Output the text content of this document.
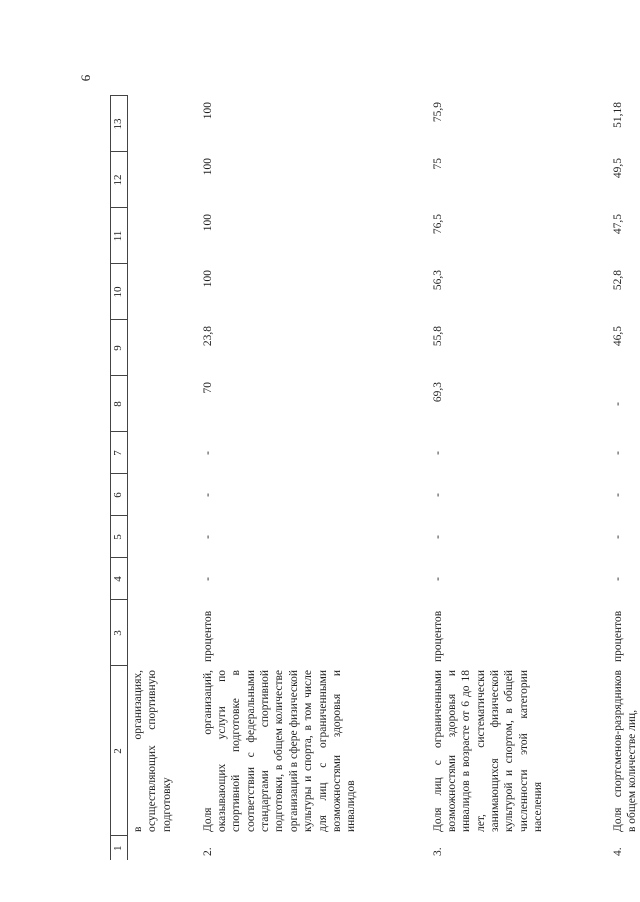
9
1	2	3	4	5	6	7	8	9	10	11	12	13
	в организациях, осуществляющих спортивную подготовку											
2.	Доля организаций, оказывающих услуги по спортивной подготовке в соответствии с федеральными стандартами спортивной подготовки, в общем количестве организаций в сфере физической культуры и спорта, в том числе для лиц с ограниченными возможностями здоровья и инвалидов	процентов	-	-	-	-	70	23,8	100	100	100	100
3.	Доля лиц с ограниченными возможностями здоровья и инвалидов в возрасте от 6 до 18 лет, систематически занимающихся физической культурой и спортом, в общей численности этой категории населения	процентов	-	-	-	-	69,3	55,8	56,3	76,5	75	75,9
4.	Доля спортсменов-разрядников в общем количестве лиц,	процентов	-	-	-	-	-	46,5	52,8	47,5	49,5	51,18
